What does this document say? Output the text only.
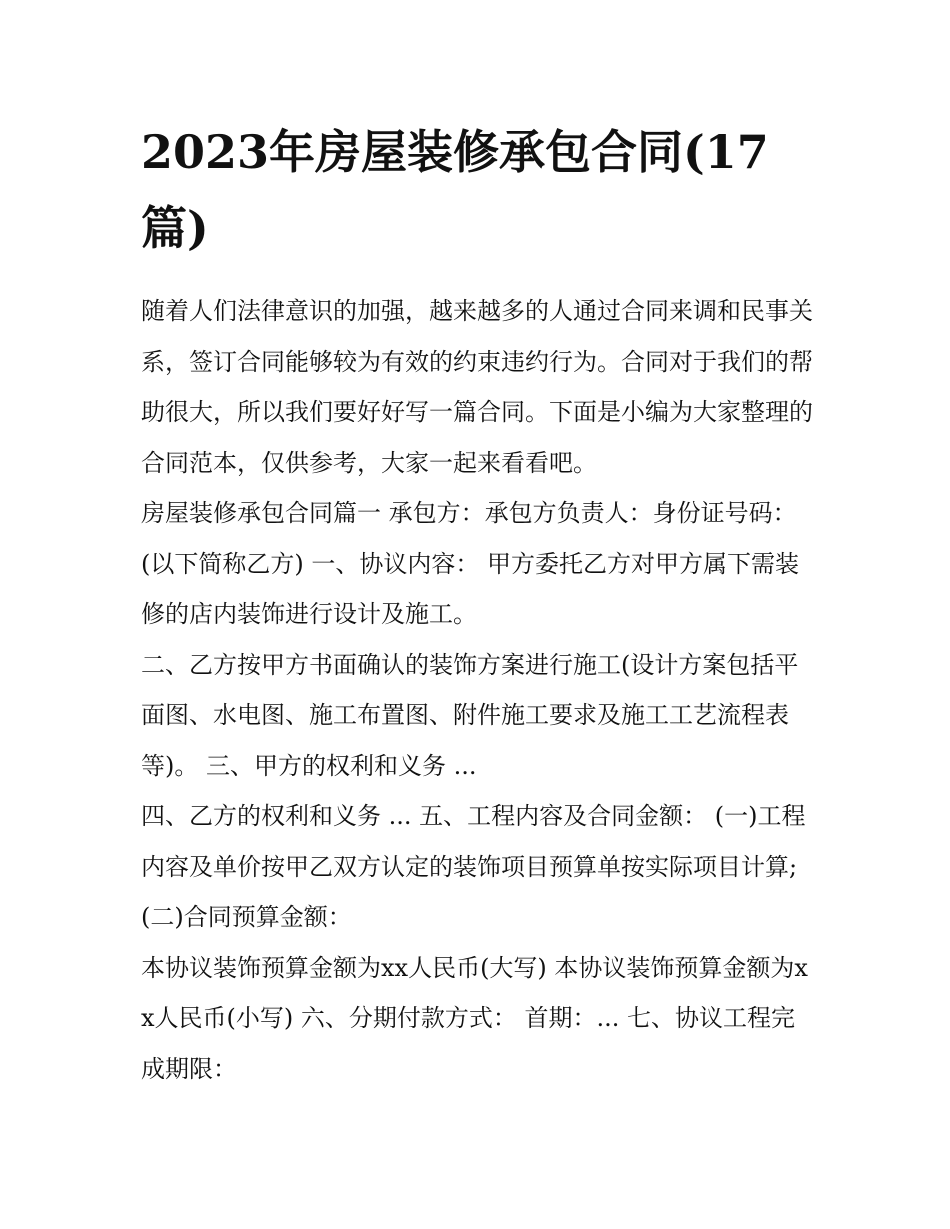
2023年房屋装修承包合同(17篇)

随着人们法律意识的加强，越来越多的人通过合同来调和民事关系，签订合同能够较为有效的约束违约行为。合同对于我们的帮助很大，所以我们要好好写一篇合同。下面是小编为大家整理的合同范本，仅供参考，大家一起来看看吧。

房屋装修承包合同篇一 承包方：承包方负责人：身份证号码：(以下简称乙方) 一、协议内容： 甲方委托乙方对甲方属下需装修的店内装饰进行设计及施工。

二、乙方按甲方书面确认的装饰方案进行施工(设计方案包括平面图、水电图、施工布置图、附件施工要求及施工工艺流程表等)。 三、甲方的权利和义务 ...

四、乙方的权利和义务 ... 五、工程内容及合同金额： (一)工程内容及单价按甲乙双方认定的装饰项目预算单按实际项目计算; (二)合同预算金额：

本协议装饰预算金额为xx人民币(大写) 本协议装饰预算金额为xx人民币(小写) 六、分期付款方式： 首期：... 七、协议工程完成期限：
